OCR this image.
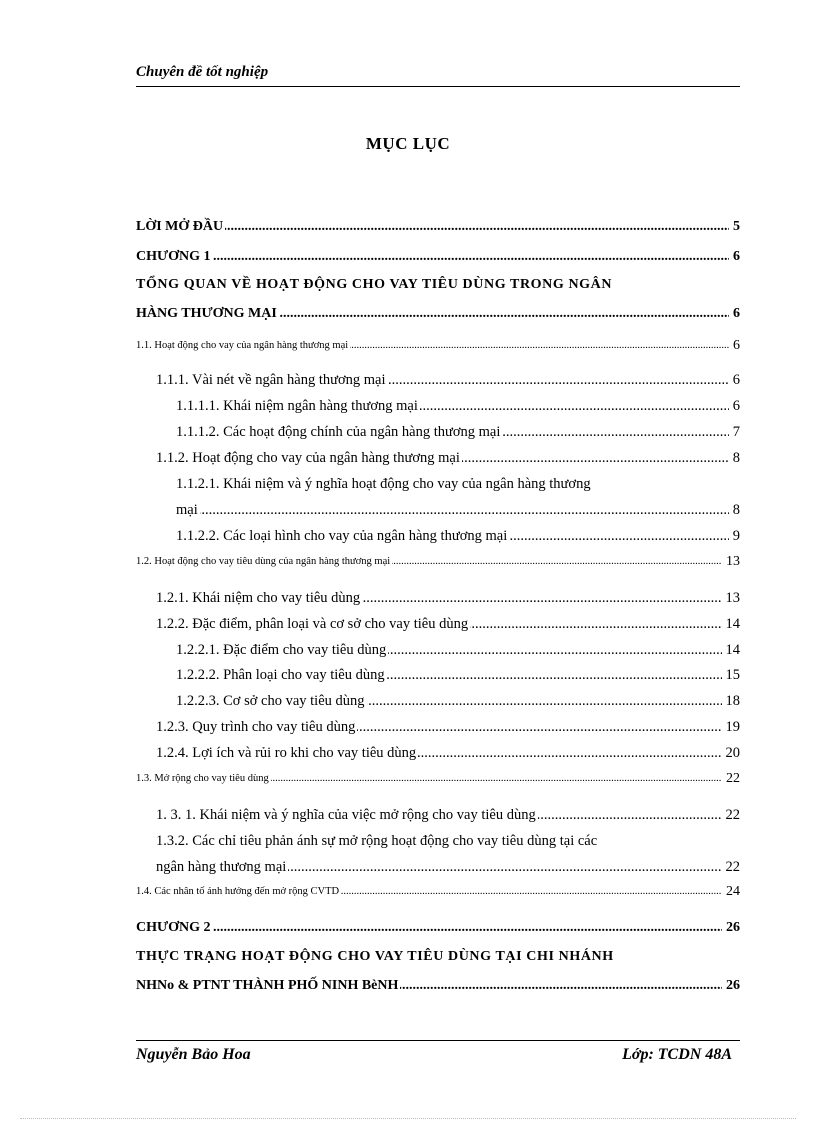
Chuyên đề tốt nghiệp
MỤC LỤC
.....
LỜI MỞ ĐẦU	5
.....
CHƯƠNG 1	6
TỔNG QUAN VỀ HOẠT ĐỘNG CHO VAY TIÊU DÙNG TRONG NGÂN
.....
HÀNG THƯƠNG MẠI	6
.....
1.1. Hoạt động cho vay của ngân hàng thương mại	6
.....
1.1.1. Vài nét về ngân hàng thương mại	6
.....
1.1.1.1. Khái niệm ngân hàng thương mại	6
.....
1.1.1.2. Các hoạt động chính của ngân hàng thương mại	7
.....
1.1.2. Hoạt động cho vay của ngân hàng thương mại	8
1.1.2.1. Khái niệm và ý nghĩa hoạt động cho vay của ngân hàng thương
.....
mại	8
.....
1.1.2.2. Các loại hình cho vay của ngân hàng thương mại	9
.....
1.2. Hoạt động cho vay tiêu dùng của ngân hàng thương mại	13
.....
1.2.1. Khái niệm cho vay tiêu dùng	13
.....
1.2.2. Đặc điểm, phân loại và cơ sở cho vay tiêu dùng	14
.....
1.2.2.1. Đặc điểm cho vay tiêu dùng	14
.....
1.2.2.2. Phân loại cho vay tiêu dùng	15
.....
1.2.2.3. Cơ sở cho vay tiêu dùng	18
.....
1.2.3. Quy trình cho vay tiêu dùng	19
.....
1.2.4. Lợi ích và rủi ro khi cho vay tiêu dùng	20
.....
1.3. Mở rộng cho vay tiêu dùng	22
.....
1. 3. 1. Khái niệm và ý nghĩa của việc mở rộng cho vay tiêu dùng	22
1.3.2. Các chỉ tiêu phản ánh sự mở rộng hoạt động cho vay tiêu dùng tại các
.....
ngân hàng thương mại	22
.....
1.4. Các nhân tố ảnh hưởng đến mở rộng CVTD	24
.....
CHƯƠNG 2	26
THỰC TRẠNG HOẠT ĐỘNG CHO VAY TIÊU DÙNG TẠI CHI NHÁNH
.....
NHNo & PTNT THÀNH PHỐ NINH BèNH	26
Nguyễn Bảo Hoa	Lớp: TCDN 48A
